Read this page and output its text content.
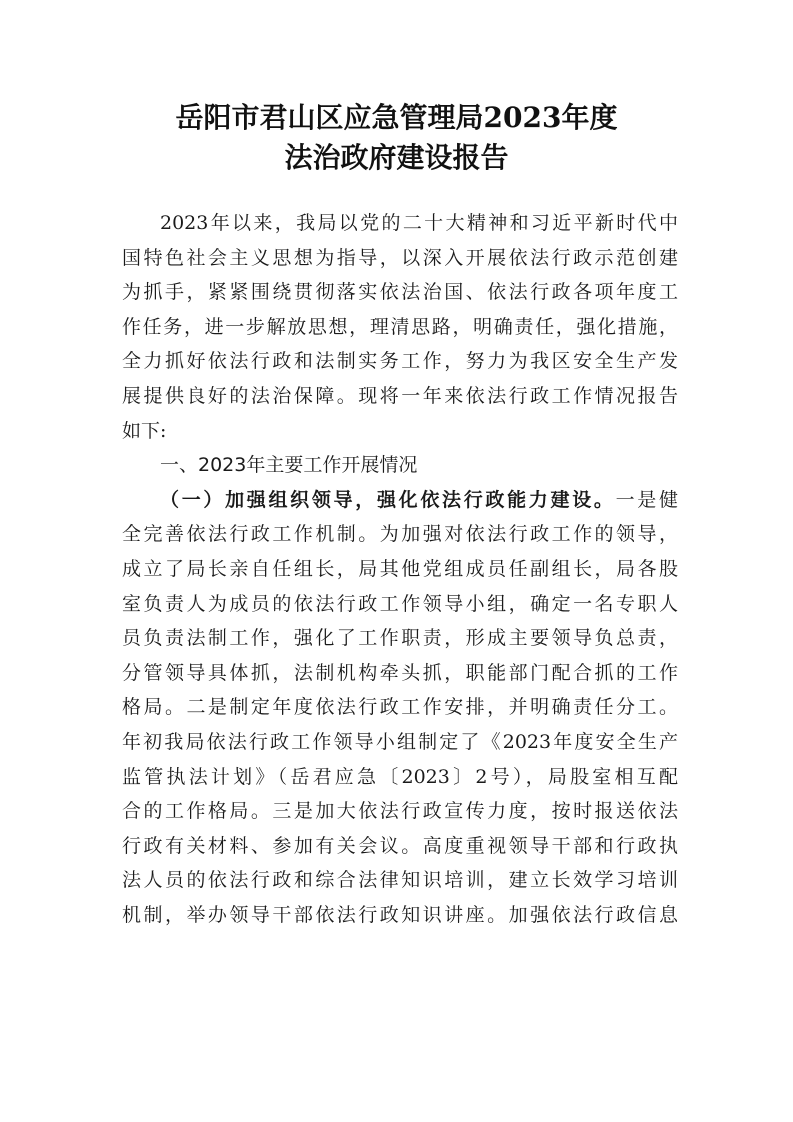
岳阳市君山区应急管理局2023年度
法治政府建设报告
2023年以来，我局以党的二十大精神和习近平新时代中
国特色社会主义思想为指导，以深入开展依法行政示范创建
为抓手，紧紧围绕贯彻落实依法治国、依法行政各项年度工
作任务，进一步解放思想，理清思路，明确责任，强化措施，
全力抓好依法行政和法制实务工作，努力为我区安全生产发
展提供良好的法治保障。现将一年来依法行政工作情况报告
如下:
一、2023年主要工作开展情况
（一）加强组织领导，强化依法行政能力建设。一是健
全完善依法行政工作机制。为加强对依法行政工作的领导，
成立了局长亲自任组长，局其他党组成员任副组长，局各股
室负责人为成员的依法行政工作领导小组，确定一名专职人
员负责法制工作，强化了工作职责，形成主要领导负总责，
分管领导具体抓，法制机构牵头抓，职能部门配合抓的工作
格局。二是制定年度依法行政工作安排，并明确责任分工。
年初我局依法行政工作领导小组制定了《2023年度安全生产
监管执法计划》（岳君应急〔2023〕2号），局股室相互配
合的工作格局。三是加大依法行政宣传力度，按时报送依法
行政有关材料、参加有关会议。高度重视领导干部和行政执
法人员的依法行政和综合法律知识培训，建立长效学习培训
机制，举办领导干部依法行政知识讲座。加强依法行政信息
